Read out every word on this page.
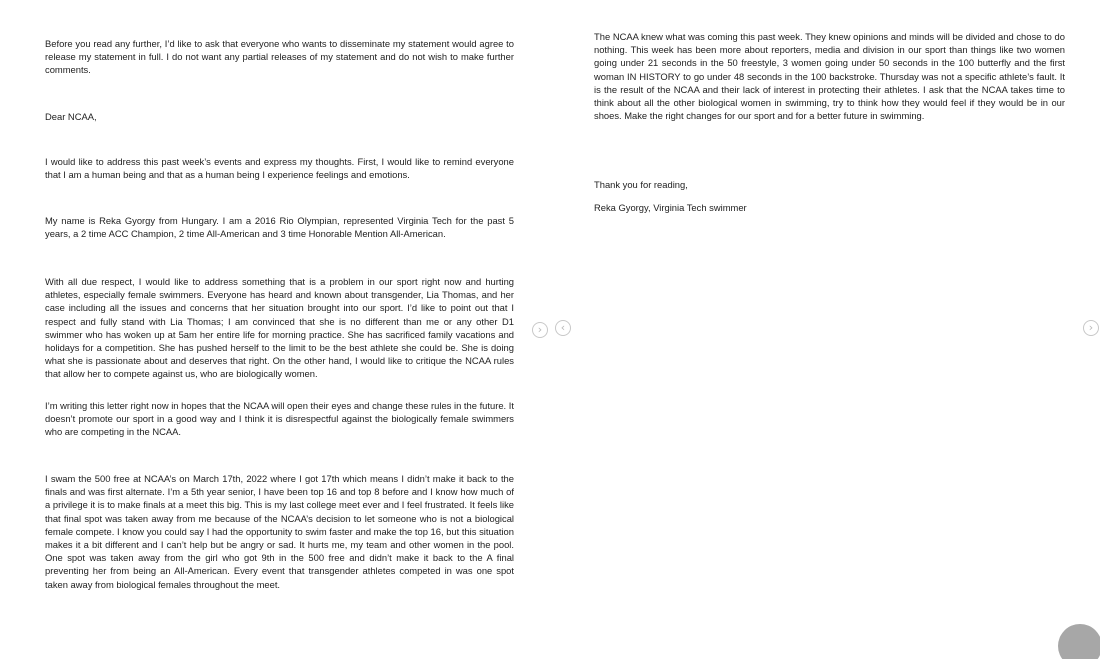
Before you read any further, I’d like to ask that everyone who wants to disseminate my statement would agree to release my statement in full. I do not want any partial releases of my statement and do not wish to make further comments.

Dear NCAA,

I would like to address this past week’s events and express my thoughts. First, I would like to remind everyone that I am a human being and that as a human being I experience feelings and emotions.

My name is Reka Gyorgy from Hungary. I am a 2016 Rio Olympian, represented Virginia Tech for the past 5 years, a 2 time ACC Champion, 2 time All-American and 3 time Honorable Mention All-American.

With all due respect, I would like to address something that is a problem in our sport right now and hurting athletes, especially female swimmers. Everyone has heard and known about transgender, Lia Thomas, and her case including all the issues and concerns that her situation brought into our sport. I’d like to point out that I respect and fully stand with Lia Thomas; I am convinced that she is no different than me or any other D1 swimmer who has woken up at 5am her entire life for morning practice. She has sacrificed family vacations and holidays for a competition. She has pushed herself to the limit to be the best athlete she could be. She is doing what she is passionate about and deserves that right. On the other hand, I would like to critique the NCAA rules that allow her to compete against us, who are biologically women.

I’m writing this letter right now in hopes that the NCAA will open their eyes and change these rules in the future. It doesn’t promote our sport in a good way and I think it is disrespectful against the biologically female swimmers who are competing in the NCAA.

I swam the 500 free at NCAA’s on March 17th, 2022 where I got 17th which means I didn’t make it back to the finals and was first alternate. I’m a 5th year senior, I have been top 16 and top 8 before and I know how much of a privilege it is to make finals at a meet this big. This is my last college meet ever and I feel frustrated. It feels like that final spot was taken away from me because of the NCAA’s decision to let someone who is not a biological female compete. I know you could say I had the opportunity to swim faster and make the top 16, but this situation makes it a bit different and I can’t help but be angry or sad. It hurts me, my team and other women in the pool. One spot was taken away from the girl who got 9th in the 500 free and didn’t make it back to the A final preventing her from being an All-American. Every event that transgender athletes competed in was one spot taken away from biological females throughout the meet.

The NCAA knew what was coming this past week. They knew opinions and minds will be divided and chose to do nothing. This week has been more about reporters, media and division in our sport than things like two women going under 21 seconds in the 50 freestyle, 3 women going under 50 seconds in the 100 butterfly and the first woman IN HISTORY to go under 48 seconds in the 100 backstroke. Thursday was not a specific athlete’s fault. It is the result of the NCAA and their lack of interest in protecting their athletes. I ask that the NCAA takes time to think about all the other biological women in swimming, try to think how they would feel if they would be in our shoes. Make the right changes for our sport and for a better future in swimming.

Thank you for reading,

Reka Gyorgy, Virginia Tech swimmer

›	‹	›
